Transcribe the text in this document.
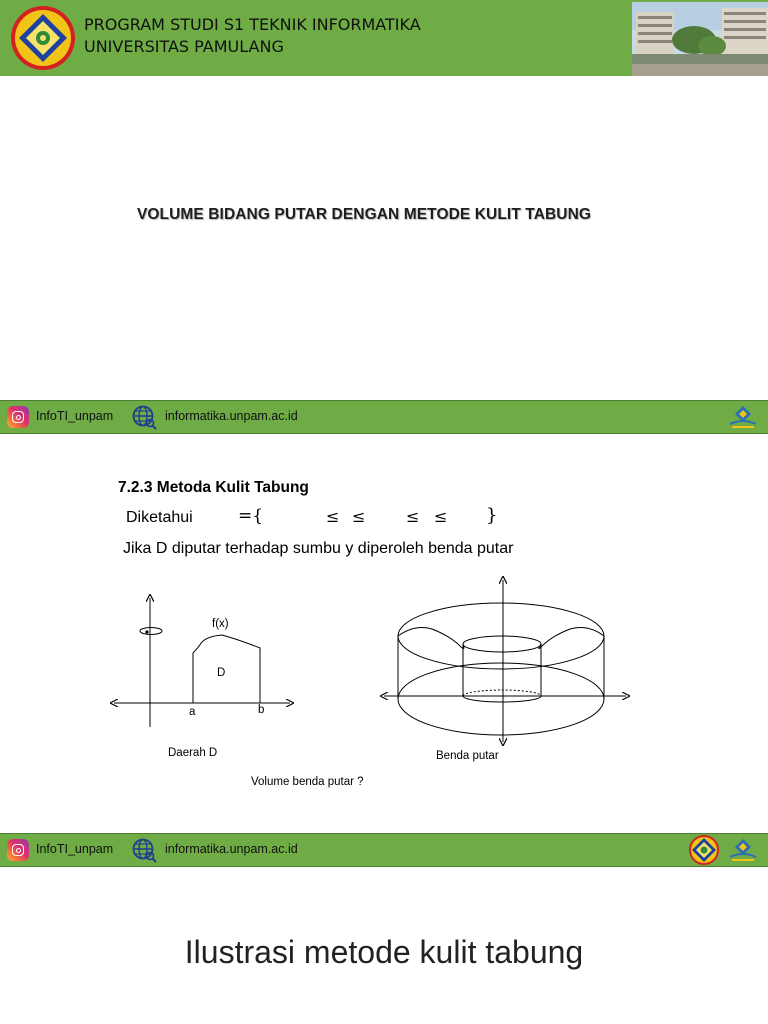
PROGRAM STUDI S1 TEKNIK INFORMATIKA
UNIVERSITAS PAMULANG
VOLUME BIDANG PUTAR DENGAN METODE KULIT TABUNG
InfoTI_unpam	informatika.unpam.ac.id
7.2.3 Metoda Kulit Tabung
Diketahui	={	≤ ≤	≤ ≤ }
Jika D diputar terhadap sumbu y diperoleh benda putar
f(x)
D
a	b
Daerah D	Benda putar
Volume benda putar ?
InfoTI_unpam	informatika.unpam.ac.id
Ilustrasi metode kulit tabung
